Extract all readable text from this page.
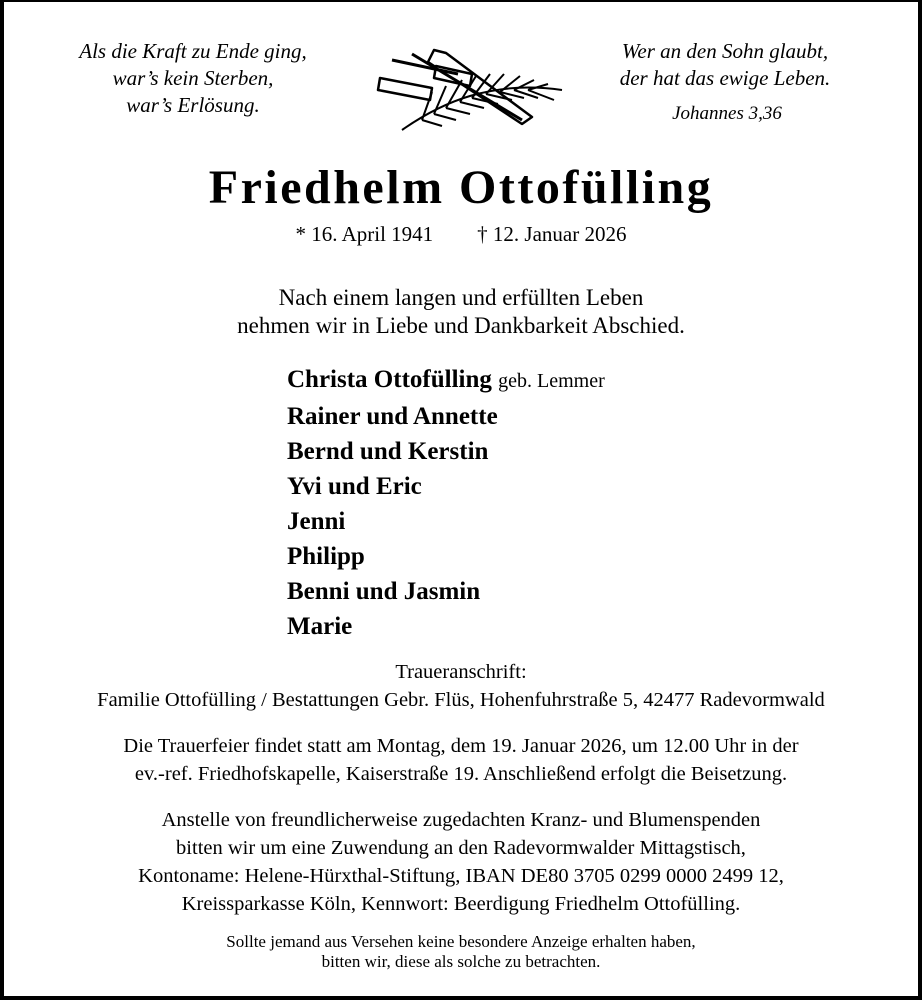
Als die Kraft zu Ende ging,
war’s kein Sterben,
war’s Erlösung.
Wer an den Sohn glaubt,
der hat das ewige Leben.
Johannes 3,36
Friedhelm Ottofülling
* 16. April 1941 † 12. Januar 2026
Nach einem langen und erfüllten Leben
nehmen wir in Liebe und Dankbarkeit Abschied.
Christa Ottofülling geb. Lemmer
Rainer und Annette
Bernd und Kerstin
Yvi und Eric
Jenni
Philipp
Benni und Jasmin
Marie
Traueranschrift:
Familie Ottofülling / Bestattungen Gebr. Flüs, Hohenfuhrstraße 5, 42477 Radevormwald
Die Trauerfeier findet statt am Montag, dem 19. Januar 2026, um 12.00 Uhr in der
ev.-ref. Friedhofskapelle, Kaiserstraße 19. Anschließend erfolgt die Beisetzung.
Anstelle von freundlicherweise zugedachten Kranz- und Blumenspenden
bitten wir um eine Zuwendung an den Radevormwalder Mittagstisch,
Kontoname: Helene-Hürxthal-Stiftung, IBAN DE80 3705 0299 0000 2499 12,
Kreissparkasse Köln, Kennwort: Beerdigung Friedhelm Ottofülling.
Sollte jemand aus Versehen keine besondere Anzeige erhalten haben,
bitten wir, diese als solche zu betrachten.
